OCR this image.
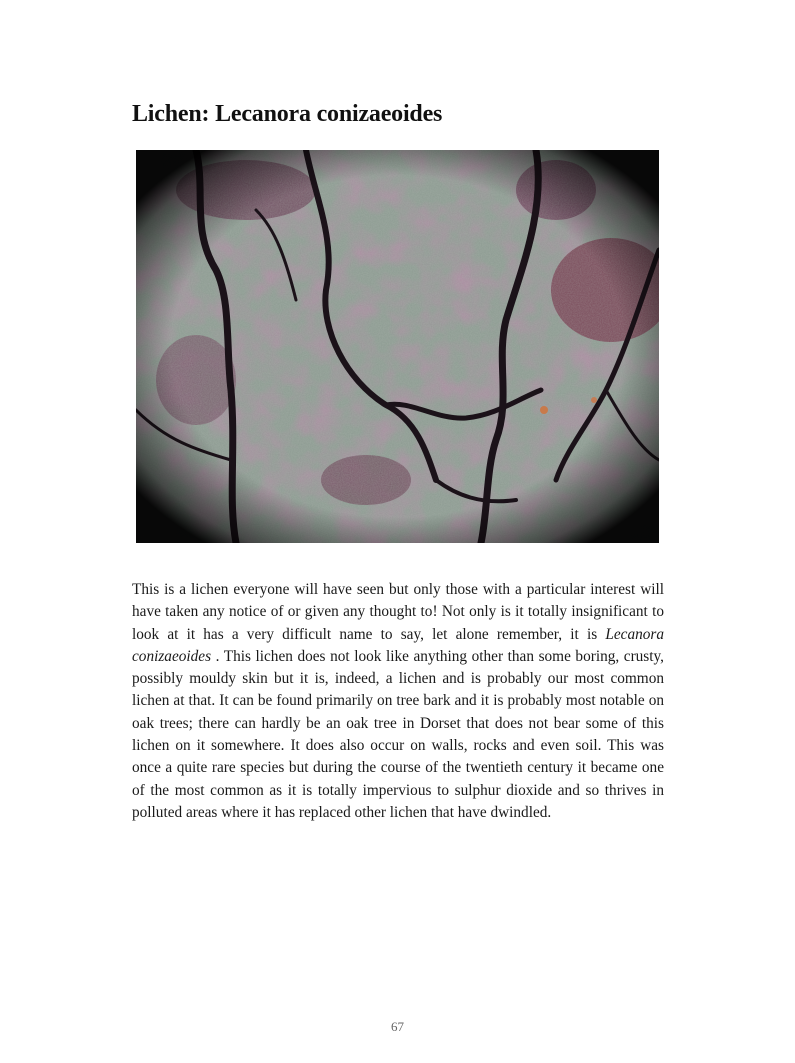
Lichen: Lecanora conizaeoides

This is a lichen everyone will have seen but only those with a particular interest will have taken any notice of or given any thought to! Not only is it totally insignificant to look at it has a very difficult name to say, let alone remember, it is Lecanora conizaeoides . This lichen does not look like anything other than some boring, crusty, possibly mouldy skin but it is, indeed, a lichen and is probably our most common lichen at that. It can be found primarily on tree bark and it is probably most notable on oak trees; there can hardly be an oak tree in Dorset that does not bear some of this lichen on it somewhere. It does also occur on walls, rocks and even soil. This was once a quite rare species but during the course of the twentieth century it became one of the most common as it is totally impervious to sulphur dioxide and so thrives in polluted areas where it has replaced other lichen that have dwindled.

67
